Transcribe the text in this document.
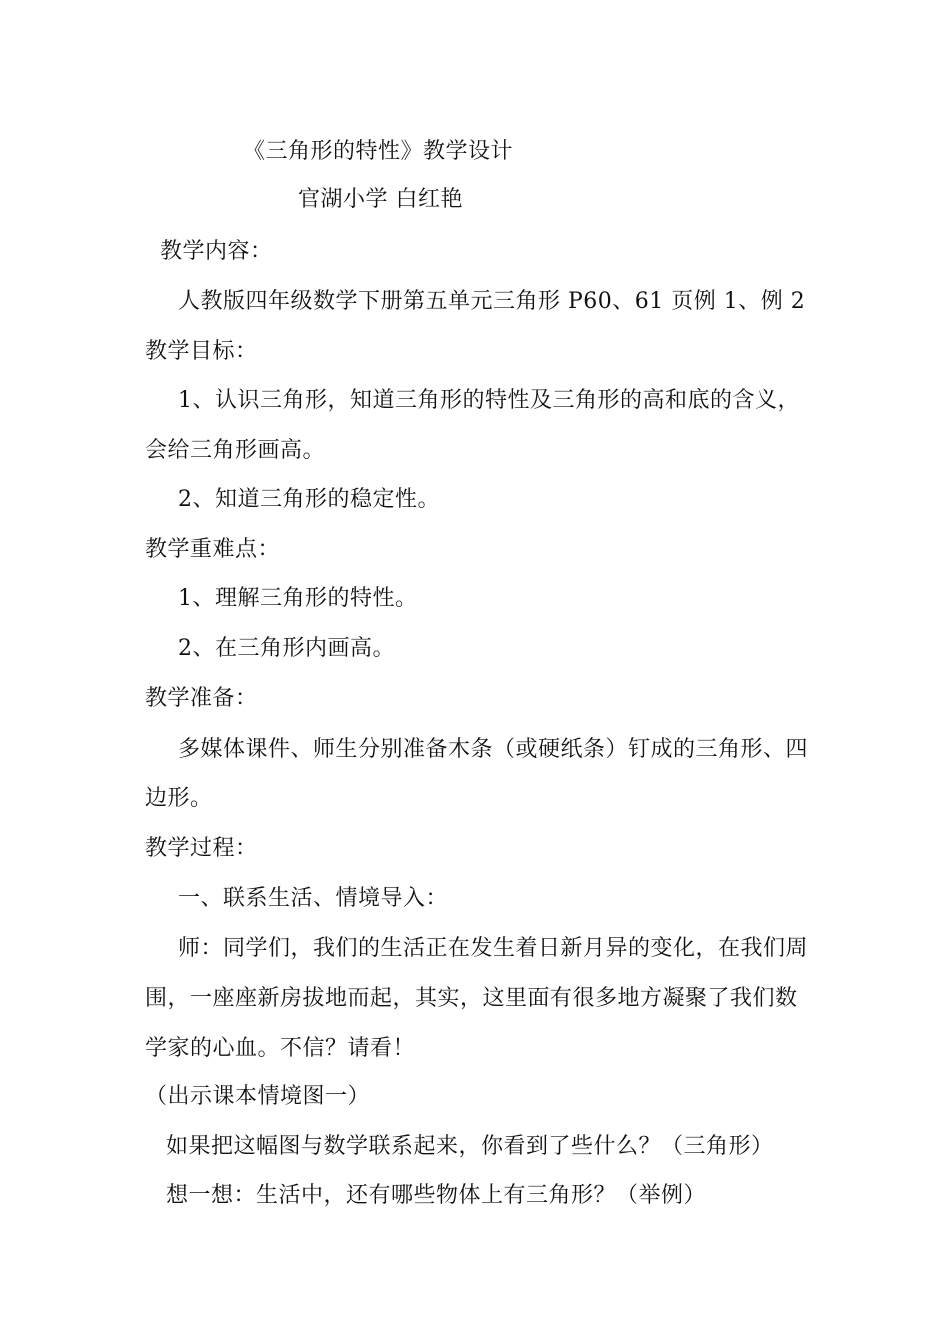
《三角形的特性》教学设计
官湖小学 白红艳
教学内容：
人教版四年级数学下册第五单元三角形 P60、61 页例 1、例 2
教学目标：
1、认识三角形，知道三角形的特性及三角形的高和底的含义，
会给三角形画高。
2、知道三角形的稳定性。
教学重难点：
1、理解三角形的特性。
2、在三角形内画高。
教学准备：
多媒体课件、师生分别准备木条（或硬纸条）钉成的三角形、四
边形。
教学过程：
一、联系生活、情境导入：
师：同学们，我们的生活正在发生着日新月异的变化，在我们周
围，一座座新房拔地而起，其实，这里面有很多地方凝聚了我们数
学家的心血。不信？请看！
（出示课本情境图一）
如果把这幅图与数学联系起来，你看到了些什么？（三角形）
想一想：生活中，还有哪些物体上有三角形？（举例）
